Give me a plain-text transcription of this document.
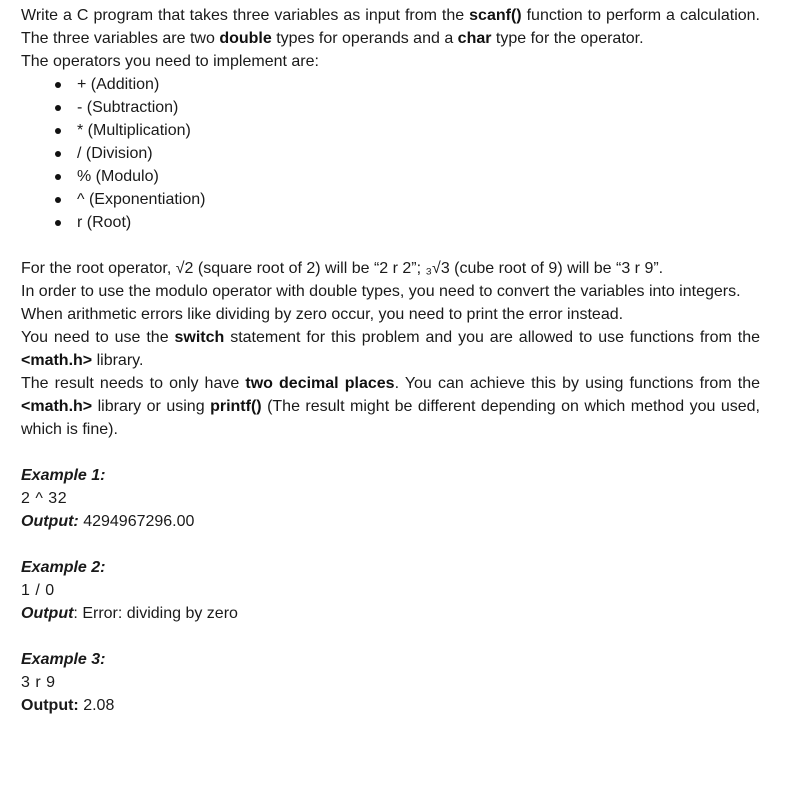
Write a C program that takes three variables as input from the scanf() function to perform a calculation. The three variables are two double types for operands and a char type for the operator.

The operators you need to implement are:

+ (Addition)
- (Subtraction)
* (Multiplication)
/ (Division)
% (Modulo)
^ (Exponentiation)
r (Root)

For the root operator, √2 (square root of 2) will be “2 r 2”; ₃√3 (cube root of 9) will be “3 r 9”.

In order to use the modulo operator with double types, you need to convert the variables into integers.

When arithmetic errors like dividing by zero occur, you need to print the error instead.

You need to use the switch statement for this problem and you are allowed to use functions from the <math.h> library.

The result needs to only have two decimal places. You can achieve this by using functions from the <math.h> library or using printf() (The result might be different depending on which method you used, which is fine).

Example 1:

2 ^ 32

Output: 4294967296.00

Example 2:

1 / 0

Output: Error: dividing by zero

Example 3:

3 r 9

Output: 2.08
